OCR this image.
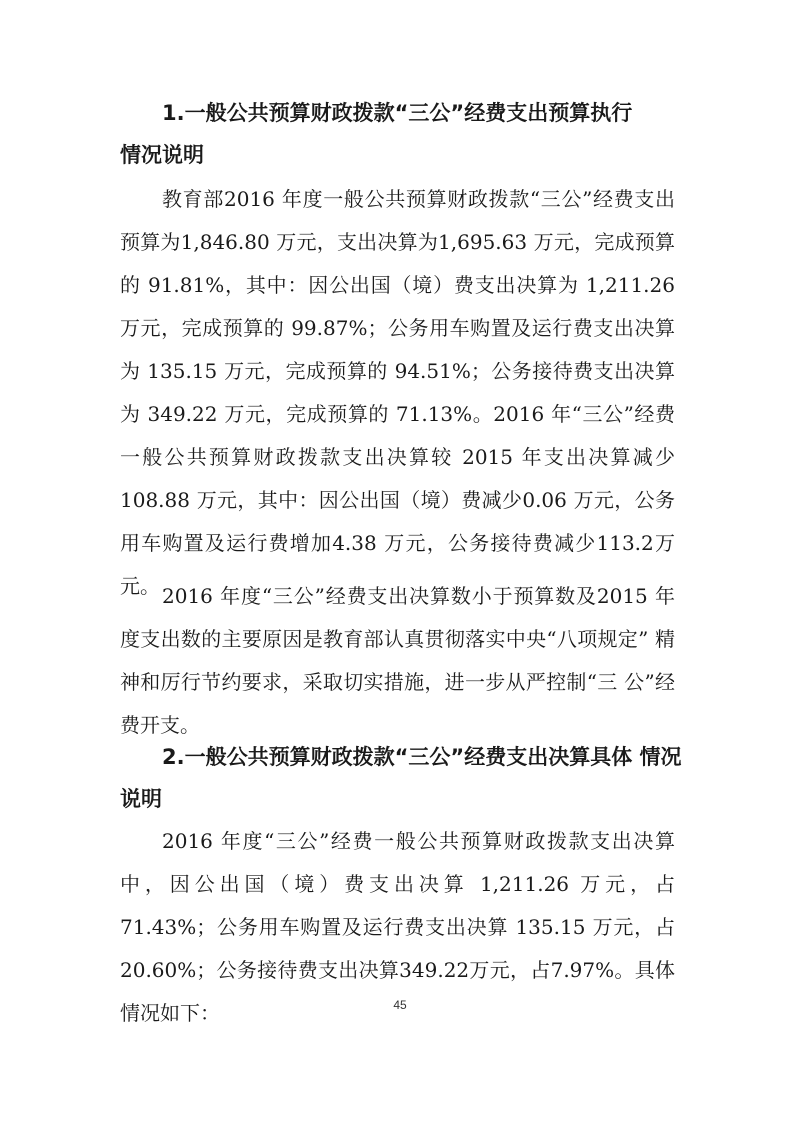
1.一般公共预算财政拨款“三公”经费支出预算执行
情况说明

教育部2016 年度一般公共预算财政拨款“三公”经费支出预算为1,846.80 万元，支出决算为1,695.63 万元，完成预算的 91.81%，其中：因公出国（境）费支出决算为 1,211.26万元，完成预算的 99.87%；公务用车购置及运行费支出决算为 135.15 万元，完成预算的 94.51%；公务接待费支出决算为 349.22 万元，完成预算的 71.13%。2016 年“三公”经费一般公共预算财政拨款支出决算较 2015 年支出决算减少108.88 万元，其中：因公出国（境）费减少0.06 万元，公务用车购置及运行费增加4.38 万元，公务接待费减少113.2万元。 2016 年度“三公”经费支出决算数小于预算数及2015 年度支出数的主要原因是教育部认真贯彻落实中央“八项规定” 精神和厉行节约要求，采取切实措施，进一步从严控制“三 公”经费开支。

2.一般公共预算财政拨款“三公”经费支出决算具体 情况
说明

2016 年度“三公”经费一般公共预算财政拨款支出决算中，因公出国（境）费支出决算 1,211.26 万元，占 71.43%；公务用车购置及运行费支出决算 135.15 万元，占 20.60%；公务接待费支出决算349.22万元，占7.97%。具体情况如下：	45
